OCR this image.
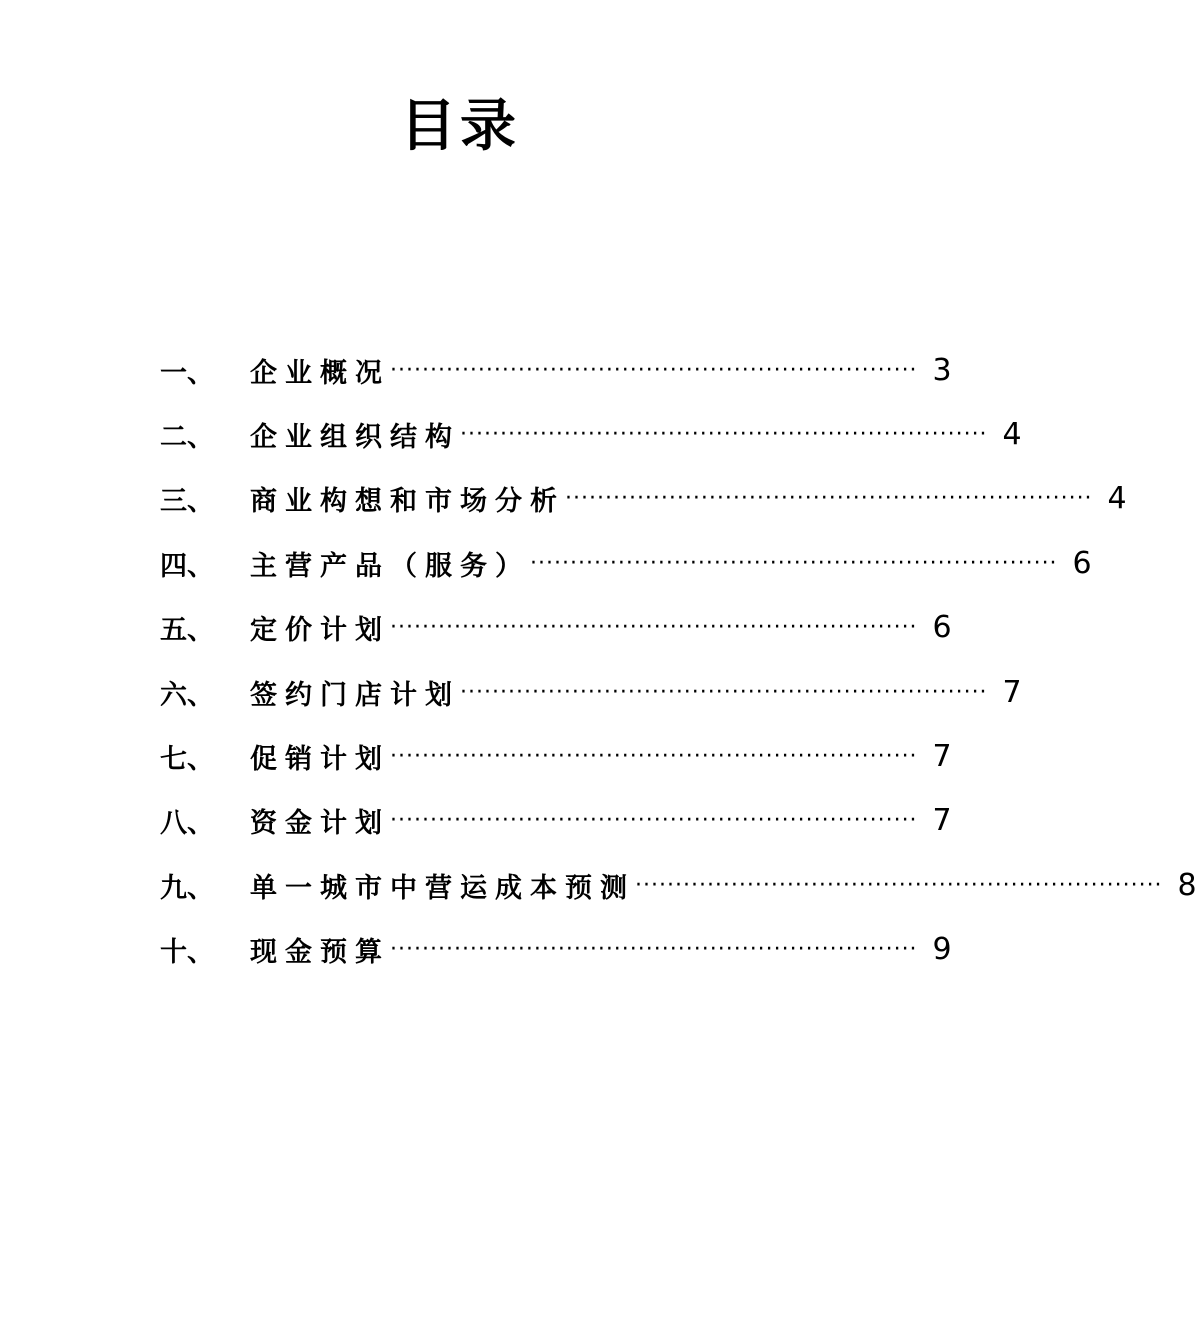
目录
一、	企业概况 ·································································· 3
二、	企业组织结构 ·································································· 4
三、	商业构想和市场分析 ·································································· 4
四、	主营产品（服务） ·································································· 6
五、	定价计划 ·································································· 6
六、	签约门店计划 ·································································· 7
七、	促销计划 ·································································· 7
八、	资金计划 ·································································· 7
九、	单一城市中营运成本预测 ·································································· 8
十、	现金预算 ·································································· 9
